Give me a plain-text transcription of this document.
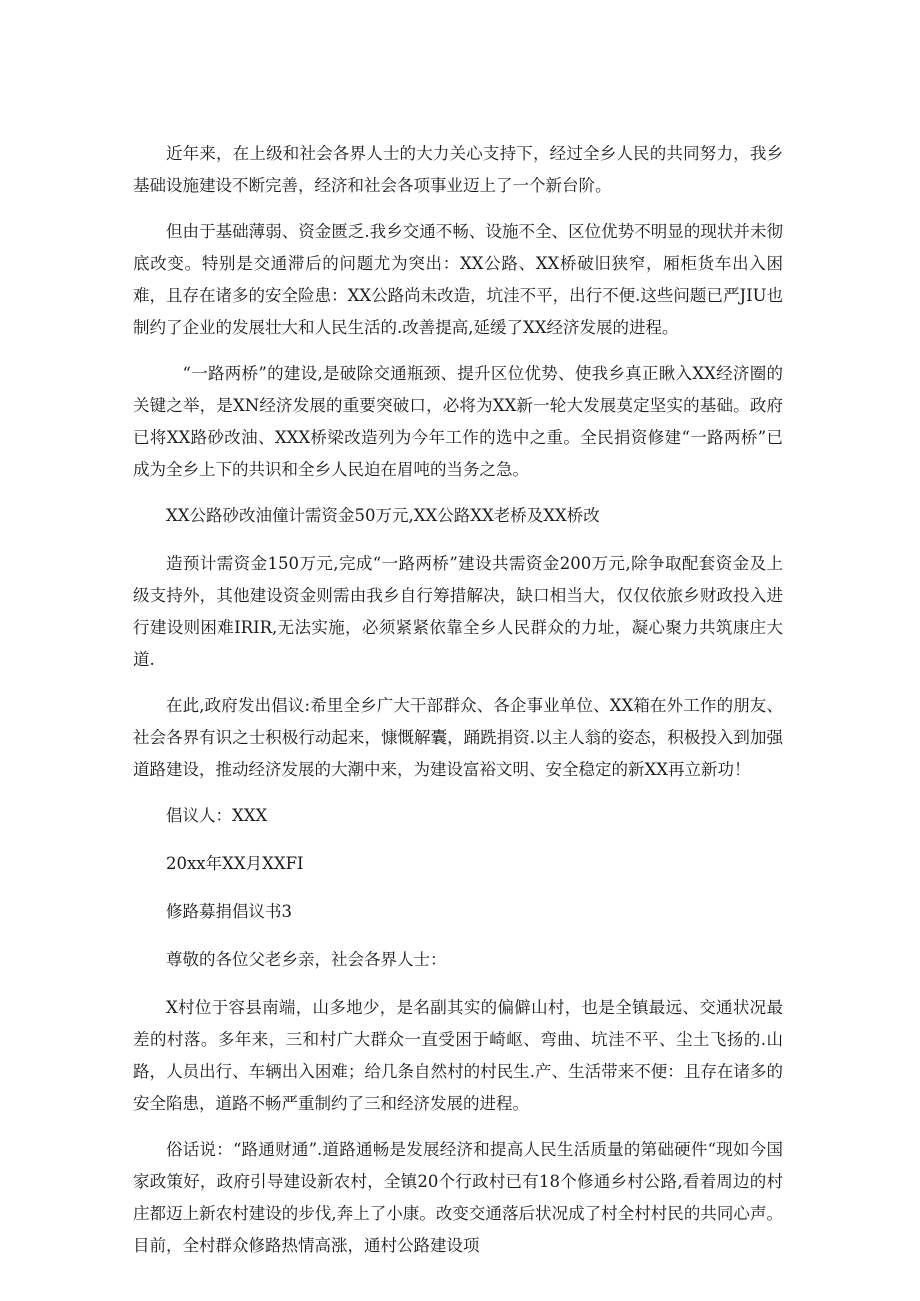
近年来，在上级和社会各界人士的大力关心支持下，经过全乡人民的共同努力，我乡基础设施建设不断完善，经济和社会各项事业迈上了一个新台阶。

但由于基础薄弱、资金匮乏.我乡交通不畅、设施不全、区位优势不明显的现状并未彻底改变。特别是交通滞后的问题尤为突出：XX公路、XX桥破旧狭窄，厢柜货车出入困难，且存在诸多的安全险患：XX公路尚未改造，坑洼不平，出行不便.这些问题已严JIU也制约了企业的发展壮大和人民生活的.改善提高,延缓了XX经济发展的进程。

“一路两桥”的建设,是破除交通瓶颈、提升区位优势、使我乡真正瞅入XX经济圈的关键之举，是XN经济发展的重要突破口，必将为XX新一轮大发展莫定坚实的基础。政府已将XX路砂改油、XXX桥梁改造列为今年工作的选中之重。全民捐资修建“一路两桥”已成为全乡上下的共识和全乡人民迫在眉吨的当务之急。

XX公路砂改油僮计需资金50万元,XX公路XX老桥及XX桥改

造预计需资金150万元,完成“一路两桥”建设共需资金200万元,除争取配套资金及上级支持外，其他建设资金则需由我乡自行筹措解决，缺口相当大，仅仅依旅乡财政投入进行建设则困难IRIR,无法实施，必须紧紧依靠全乡人民群众的力址，凝心聚力共筑康庄大道.

在此,政府发出倡议:希里全乡广大干部群众、各企事业单位、XX箱在外工作的朋友、社会各界有识之士积极行动起来，慷慨解囊，踊跣捐资.以主人翁的姿态，积极投入到加强道路建设，推动经济发展的大潮中来，为建设富裕文明、安全稳定的新XX再立新功！

倡议人：XXX

20xx年XX月XXFI

修路募捐倡议书3

尊敬的各位父老乡亲，社会各界人士：

X村位于容县南端，山多地少，是名副其实的偏僻山村，也是全镇最远、交通状况最差的村落。多年来，三和村广大群众一直受困于崎岖、弯曲、坑洼不平、尘土飞扬的.山路，人员出行、车辆出入困难；给几条自然村的村民生.产、生活带来不便：且存在诸多的安全陷患，道路不畅严重制约了三和经济发展的进程。

俗话说：“路通财通”.道路通畅是发展经济和提高人民生活质量的第础硬件“现如今国家政策好，政府引导建设新农村，全镇20个行政村已有18个修通乡村公路,看着周边的村庄都迈上新农村建设的步伐,奔上了小康。改变交通落后状况成了村全村村民的共同心声。目前，全村群众修路热情高涨，通村公路建设项
